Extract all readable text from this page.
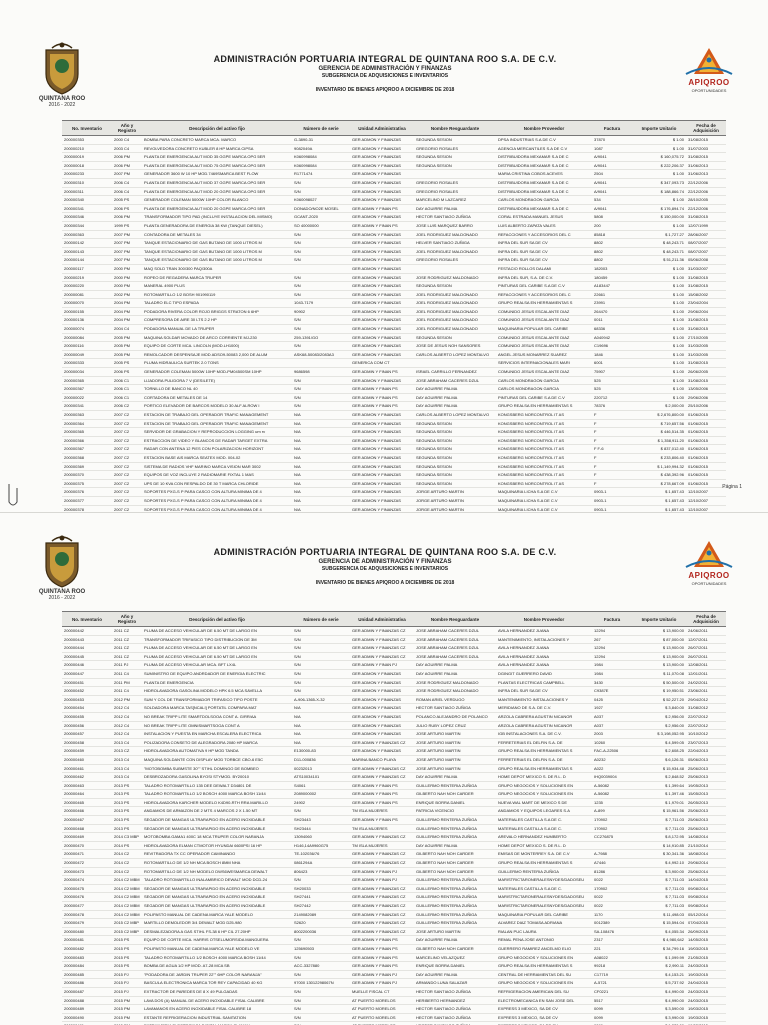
QUINTANA ROO
2016 - 2022
ADMINISTRACIÓN PORTUARIA INTEGRAL DE QUINTANA ROO S.A. DE C.V.
GERENCIA DE ADMINISTRACIÓN Y FINANZAS
SUBGERENCIA DE ADQUISICIONES E INVENTARIOS
INVENTARIO DE BIENES APIQROO A DICIEMBRE DE 2018
APIQROO
OPORTUNIDADES
No. Inventario	Año y Registro	Descripción del activo fijo	Número de serie	Unidad Administrativa	Nombre Resguardante	Nombre Proveedor	Factura	Importe Unitario	Fecha de Adquisición
200000353	2000 C4	BOMBA PARA CONCRETO MARCA MCA. MARCO	G-3890-31	GER ADMON Y FINANZAS	SEGUNDA SESION	DPSA INDUSTRIAS S.A DE C.V	37870	$ 1.00	31/08/2015
200000210	2003 C4	REVOLVEDORA CONCRETO KUBLER 8 HP MARCA CIPSA	9082049A	GER ADMON Y FINANZAS	GREGORIO ROSALES	AGENCIA MERCANTILES S.A DE C.V	1087	$ 1.00	31/07/2003
200000019	2006 PM	PLANTA DE EMERGENCIA AUT MOD 35 GGPE MARCA OPG 5ER	K060998084	GER ADMON Y FINANZAS	SEGUNDA SESION	DISTRIBUIDORA MEXAMAR S.A DE C	A/9041	$ 160,075.72	31/08/2015
200000018	2006 PM	PLANTA DE EMERGENCIA AUT MOD 75 GGPE MARCA OPG 5ER	K060998084	GER ADMON Y FINANZAS	SEGUNDA SESION	DISTRIBUIDORA MEXAMAR S.A DE C	A/9041	$ 222,206.37	31/06/2013
200000233	2007 PM	GENERADOR 3600 W 10 HP MOD.7469SMARCA BEST FLOW	R1771474	GER ADMON Y FINANZAS		MARIA CRISTINA COBOS ACEVES	2504	$ 1.00	31/06/2013
200000310	2006 C4	PLANTA DE EMERGENCIA AUT MOD 37 GGPE MARCA OPG 5ER	S/N	GER ADMON Y FINANZAS	GREGORIO ROSALES	DISTRIBUIDORA MEXAMAR S.A DE C	A/9041	$ 347,093.73	22/12/2006
200000311	2006 C4	PLANTA DE EMERGENCIA AUT MOD 20 GGPE MARCA OPG 5ER	S/N	GER ADMON Y FINANZAS	GREGORIO ROSALES	DISTRIBUIDORA MEXAMAR S.A DE C	A/9041	$ 188,866.74	22/12/2006
200000340	2005 PS	GENERADOR COLEMAN 5000W 10HP COLOR BLANCO	K060098027	GER ADMON Y FINANZAS	MARCELINO M LAZCAREZ	CARLOS MONDRAGON GARCIA	534	$ 1.00	28/10/2005
200000341	2006 PS	PLANTA DE EMERGENCIA AUT MOD 20 GGPE MARCA OPG 5ER	DONADO/NO2E MOSEL	GER ADMIN Y FINAN PS	DAY AGUIRRE PALMA	DISTRIBUIDORA MEXAMAR S.A DE C	A/9041	$ 176,894.74	22/12/2006
200000346	2006 PM	TRANSFORMADOR TIPO PAD (INCLUYE INSTALACION DEL MISMO)	GCANT-2020	GER ADMON Y FINANZAS	HECTOR SANTIAGO ZUÑIGA	CORAL ESTRADA MANUEL JESUS	5808	$ 150,000.00	31/08/2015
200000344	1999 PS	PLANTA GENERADORA DE ENERGIA 38 KW (TANQUE DIESEL)	SO 40000000	GER ADMIN Y FINAN PS	JOSE LUIS MARQUEZ BARRO	LUIS ALBERTO ZAPATA VALES	200	$ 1.00	12/07/1999
200000363	2007 PM	CONTADORA DE METALES 34	S/N	GER ADMON Y FINANZAS	JOEL RODRIGUEZ MALDONADO	REFACCIONES Y ACCESORIOS DEL C	85818	$ 1,727.27	28/06/2007
200000142	2007 PM	TANQUE ESTACIONARIO DE GAS BUTANO DE 1000 LITROS M	S/N	GER ADMON Y FINANZAS	HELVER SANTIAGO ZUÑIGA	INFRA DEL SUR SA DE CV	8802	$ 48,243.71	08/07/2007
200000143	2007 PM	TANQUE ESTACIONARIO DE GAS BUTANO DE 1000 LITROS M	S/N	GER ADMON Y FINANZAS	JOEL RODRIGUEZ MALDONADO	INFRA DEL SUR SA DE CV	8802	$ 48,243.71	08/07/2007
200000144	2007 PM	TANQUE ESTACIONARIO DE GAS BUTANO DE 1000 LITROS M	S/N	GER ADMON Y FINANZAS	GREGORIO ROSALES	INFRA DEL SUR SA DE CV	8802	$ 51,211.36	05/06/2008
200000117	2000 PM	MAQ SOLD TRAN 300/300 PAQ/300A		GER ADMON Y FINANZAS		FESTACIO ROLLOS DALAMI	182003	$ 1.00	31/03/2007
200000219	2000 PM	ROPEO DE REGADERA MARCA TRUPER	S/N	GER ADMON Y FINANZAS	JOSE RODRIGUEZ MALDONADO	INFRA DEL SUR, S.A. DE C.V.	180459	$ 1.00	31/08/2015
200000220	2000 PM	MANERAL 4900 PLUS	S/N	GER ADMON Y FINANZAS	SEGUNDA SESION	PINTURAS DEL CARIBE S.A DE C.V	A183447	$ 1.00	31/08/2015
200000081	2002 PM	ROTOMARTILLO 1/2 BOSH 901990119	S/N	GER ADMON Y FINANZAS	JOEL RODRIGUEZ MALDONADO	REFACCIONES Y ACCESORIOS DEL C	22661	$ 1.00	15/08/2002
200000070	2004 PM	TALADRO ELC TIPO ESPADA	1043-7179	GER ADMON Y FINANZAS	JOEL RODRIGUEZ MALDONADO	GRUPO REALSA EN HERRAMIENTAS S	23991	$ 1.00	23/04/2004
200000155	2004 PM	PODADORA RIVERA COLOR ROJO BRIGGS STRATON 6 6HP	90902	GER ADMON Y FINANZAS	JOEL RODRIGUEZ MALDONADO	COMUNIDO JESUS ESCALANTE DIAZ	264470	$ 1.00	29/06/2004
200000136	2004 PM	COMPRESORA DE AIRE 30 LTS 2.2 HP	S/N	GER ADMON Y FINANZAS	JOEL RODRIGUEZ MALDONADO	COMUNIDO JESUS ESCALANTE DIAZ	0011	$ 1.00	31/08/2015
200000074	2004 C4	PODADORA MANUAL DE LA TRUPER	S/N	GER ADMON Y FINANZAS	JOEL RODRIGUEZ MALDONADO	MAQUINARIA POPULAR DEL CARIBE	68336	$ 1.00	31/08/2015
200000084	2005 PM	MAQUINA SOLDAR MOVADO DE ARCO CORRIENTE MJ-230	259-1391/GO	GER ADMON Y FINANZAS	SEGUNDA SESION	COMUNIDO JESUS ESCALANTE DIAZ	A040942	$ 1.00	27/10/2005
200000116	2005 PM	EQUIPO DE CORTE MCA. LINCOLN (MOD.LH1000)	S/N	GER ADMON Y FINANZAS	JOSE DE JESUS NOH SANSORES	COMUNIDO JESUS ESCALANTE DIAZ	C19696	$ 1.00	31/03/2005
200000049	2005 PM	REMOLCADOR DESPENSAJE MOD ADSO9-50083 2,000 DE ALUM	ASK68-50083/2083A3	GER ADMON Y FINANZAS	CARLOS ALBERTO LOPEZ MONTALVO	ANGEL JESUS MONARREZ SUAREZ	1846	$ 1.00	31/03/2005
200000333	2005 PS	PLUMA HIDRAULICA SURTEK 2.0 TONS		GENERICA COM CT		SERVICIOS INTERNACIONALES MARI	6001	$ 1.00	31/08/2015
200000034	2006 PS	GENERADOR COLEMAN 5000W 10HP MOD-PM04500SM 10HP	9686598	GER ADMIN Y FINAN PS	ISRAEL CARRILLO FERNANDEZ	COMUNIDO JESUS ESCALANTE DIAZ	75907	$ 1.00	26/06/2005
200000365	2006 C1	LIJADORA PULIDORA 7 V (DESILETE)	S/N	GER ADMON Y FINANZAS	JOSE ABRAHAM CACERES DZUL	CARLOS MONDRAGON GARCIA	525	$ 1.00	31/08/2015
200000367	2006 C1	TORNILLO DE BANCO NL 40	S/N	GER ADMIN Y FINAN PS	DAY AGUIRRE PALMA	CARLOS MONDRAGON GARCIA	525	$ 1.00	13/05/2006
200000022	2006 C1	CORTADORA DE METALES DE 14	S/N	GER ADMIN Y FINAN PS	DAY AGUIRRE PALMA	PINTURAS DEL CARIBE S.A DE C.V	220712	$ 1.00	29/06/2006
200000341	2006 C2	PORTICO ELEVADOR DE BARCOS MODELO 30 ALF ALROW I	S/N	GER ADMIN Y FINAN PS	DAY AGUIRRE PALMA	GRUPO REALSA EN HERRAMIENTAS S	78376	$ 2,000.00	25/10/2006
200000363	2007 C2	ESTACION DE TRABAJO DEL OPERADOR TRAFIC MANAGEMENT	N/A	GER ADMON Y FINANZAS	CARLOS ALBERTO LOPEZ MONTALVO	KONGSBERG NORCONTROL IT AS	F	$ 2,676,800.00	01/06/2015
200000364	2007 C2	ESTACION DE TRABAJO DEL OPERADOR TRAFIC MANAGEMENT	N/A	GER ADMON Y FINANZAS	SEGUNDA SESION	KONGSBERG NORCONTROL IT AS	F	$ 719,657.56	01/06/2015
200000365	2007 C2	SERVIDOR DE GRABACION Y REPRODUCCION LOGGING um rv	N/A	GER ADMON Y FINANZAS	SEGUNDA SESION	KONGSBERG NORCONTROL IT AS	F	$ 446,514.35	01/06/2015
200000366	2007 C2	ESTRACCION DE VIDEO Y BLANCOS DE RADAR TARGET EXTRA	N/A	GER ADMON Y FINANZAS	SEGUNDA SESION	KONGSBERG NORCONTROL IT AS	F	$ 1,358,911.20	01/06/2015
200000367	2007 C2	RADAR CON ANTENA 12 PIES CON POLARIZACION HORIZONT	N/A	GER ADMON Y FINANZAS	SEGUNDA SESION	KONGSBERG NORCONTROL IT AS	F F-6	$ 837,012.40	01/06/2015
200000368	2007 C2	ESTACION BASE AIS MARCA SEATEX MOD. 004-02	N/A	GER ADMON Y FINANZAS	SEGUNDA SESION	KONGSBERG NORCONTROL IT AS	F	$ 233,806.40	01/06/2015
200000369	2007 C2	SISTEMA DE RADIOS VHF MARINO MARCA VISION MAR 3002	N/A	GER ADMON Y FINANZAS	SEGUNDA SESION	KONGSBERG NORCONTROL IT AS	F	$ 1,149,994.32	01/06/2015
200000370	2007 C2	EQUIPOS DE VOZ INCLUYE 2 RADIOMARIE FIXTAL 1 MAS	N/A	GER ADMON Y FINANZAS	SEGUNDA SESION	KONGSBERG NORCONTROL IT AS	F	$ 438,392.96	01/06/2015
200000375	2007 C2	UPS DE 10 KVA CON RESPALDO DE 30 T MARCA CHLORIDE	N/A	GER ADMON Y FINANZAS	SEGUNDA SESION	KONGSBERG NORCONTROL IT AS	F	$ 278,667.09	01/06/2015
200000376	2007 C2	SOPORTES PXG-S P PARA CASCO CON ALTURA MINIMA DE 4	N/A	GER ADMON Y FINANZAS	JORGE ARTURO MARTIN	MAQUINARIA LICHA S.A DE C.V	0903-1	$ 1,657.43	12/10/2007
200000377	2007 C2	SOPORTES PXG-S P PARA CASCO CON ALTURA MINIMA DE 4	N/A	GER ADMON Y FINANZAS	JORGE ARTURO MARTIN	MAQUINARIA LICHA S.A DE C.V	0903-1	$ 1,657.43	12/10/2007
200000378	2007 C2	SOPORTES PXG-S P PARA CASCO CON ALTURA MINIMA DE 4	N/A	GER ADMON Y FINANZAS	JORGE ARTURO MARTIN	MAQUINARIA LICHA S.A DE C.V	0903-1	$ 1,657.43	12/10/2007

Página 1
QUINTANA ROO
2016 - 2022
ADMINISTRACIÓN PORTUARIA INTEGRAL DE QUINTANA ROO S.A. DE C.V.
GERENCIA DE ADMINISTRACIÓN Y FINANZAS
SUBGERENCIA DE ADQUISICIONES E INVENTARIOS
INVENTARIO DE BIENES APIQROO A DICIEMBRE DE 2018
APIQROO
OPORTUNIDADES
No. Inventario	Año y Registro	Descripción del activo fijo	Número de serie	Unidad Administrativa	Nombre Resguardante	Nombre Proveedor	Factura	Importe Unitario	Fecha de Adquisición
200000442	2011 CZ	PLUMA DE ACCESO VEHICULAR DE 6.50 MT DE LARGO EN	S/N	GER ADMIN Y FINANZAS CZ	JOSE ABRAHAM CACERES DZUL	AVILA HERNANDEZ JUANA	12294	$ 13,900.00	24/06/2011
200000443	2011 CZ	TRANSFORMADOR TRIFASICO TIPO DISTRIBUCION DE 3M	S/N	GER ADMIN Y FINANZAS CZ	JOSE ABRAHAM CACERES DZUL	MANTENIMIENTO, INSTALACIONES Y	267	$ 87,000.00	12/07/2011
200000444	2011 CZ	PLUMA DE ACCESO VEHICULAR DE 6.50 MT DE LARGO EN	S/N	GER ADMIN Y FINANZAS CZ	JOSE ABRAHAM CACERES DZUL	AVILA HERNANDEZ JUANA	12294	$ 13,900.00	26/07/2011
200000445	2011 CZ	PLUMA DE ACCESO VEHICULAR DE 6.50 MT DE LARGO EN	S/N	GER ADMIN Y FINANZAS CZ	JOSE ABRAHAM CACERES DZUL	AVILA HERNANDEZ JUANA	12294	$ 13,900.00	26/07/2011
200000446	2011 PJ	PLUMA DE ACCESO VEHICULAR MCA. BFT LX4L	S/N	GER ADMIN Y FINAN PJ	DAY AGUIRRE PALMA	AVILA HERNANDEZ JUANA	1984	$ 13,900.00	12/08/2011
200000447	2011 C4	SUMINISTRO DE EQUIPO ANDRDADOR DE ENERGIA ELECTRIC	S/N	GER ADMON Y FINANZAS	DAY AGUIRRE PALMA	DGINGIT GUERRERO DAVID	1984	$ 11,070.08	12/01/2011
200000451	2011 PM	PLANTA DE EMERGENCIA	S/N	GER ADMON Y FINANZAS	JOSE RODRIGUEZ MALDONADO	PLANTAS ELECTRICAS CAMPBELL	3430	$ 50,500.00	24/02/2011
200000452	2011 C4	HIDROLAVADORA GASOLINA MODELO HPK 6.5 MCA SAVELLA	S/N	GER ADMON Y FINANZAS	JOSE RODRIGUEZ MALDONADO	INFRA DEL SUR SA DE CV	C9387E	$ 19,950.51	23/06/2011
200000453	2012 PM	SUM Y COL DE TRANSFORMADOR TRIFASICO TIPO POSTE	A-906-1365-X-32	GER ADMON Y FINANZAS	ROMAN ARIEL VERDUGO	MANTENIMIENTO INSTALACIONES Y	0425	$ 52,227.20	29/04/2012
200000454	2012 C4	SOLDADORA MARCA TAS[NCALI] PORTATIL COMPARA MAT	N/A	GER ADMON Y FINANZAS	HECTOR SANTIAGO ZUÑIGA	MERIDIANO DE S.A. DE C.V.	1927	$ 3,840.00	31/08/2012
200000455	2012 C4	NO BREAK TRIPP LITE SMARTDOLSOOA CONT A. G/RR/AA	N/A	GER ADMON Y FINANZAS	POLANCO ALEJANDRO DE POLANCO	ARZOLA CABRERA AGUSTIN NICANOR	A037	$ 2,956.00	22/07/2012
200000456	2012 C4	NO BREAK TRIPP LITE OMNISMARTSOOA CONT A	N/A	GER ADMON Y FINANZAS	JULIO RUBY LOPEZ CRUZ	ARZOLA CABRERA AGUSTIN NICANOR	A037	$ 2,956.00	22/07/2012
200000457	2012 C4	INSTALACION Y PUESTA EN MARCHA ESCALERA ELECTRICA	N/A	GER ADMON Y FINANZAS	JOSE ARTURO MARTIN	IGB INSTALACIONES S.A. DE C.V.	2003	$ 3,198,052.95	10/10/2012
200000458	2013 C4	POLIZADORA CONSETO DE ALEGRADORA 2080 HP MARCA	N/A	GER ADMIN Y FINANZAS CZ	JOSE ARTURO MARTIN	FERRETERIAS EL DELFIN S.A. DE	10260	$ 4,599.05	23/07/2013
200000459	2013 CZ	HIDROLAVADORA AUTOMATIVA 9 HP MOD TANDA	E130000-83	GER ADMON Y FINANZAS	JOSE ARTURO MARTIN	GRUPO REALSA EN HERRAMIENTAS S	FAC-A-22506	$ 2,608.25	22/04/2013
200000460	2013 C4	MAQUINA SOLDANTE CON DISPLAY MOD TORBCE CBO-6 E5C	D11-000836	MARINA BANCO PLAYA	JOSE ARTURO MARTIN	FERRETERIAS EL DELFIN S.A. DE	A0232	$ 6,126.31	05/06/2013
200000461	2013 C4	"MOTOBOMBA SUBMSTE 30"" STIHL DOMINGO DE BOMBEO	00232013	GER ADMIN Y FINANZAS CZ	JOSE ARTURO MARTIN	GRUPO REALSA EN HERRAMIENTAS S	A022	$ 15,934.48	25/06/2013
200000462	2013 C4	DESBROZADORA GASOLINA BYOSI STYMOD. BY20010	ATS10034101	GER ADMIN Y FINANZAS CZ	DAY AGUIRRE PALMA	HOME DEPOT MEXICO S. DE R.L. D	IHQ0039004	$ 2,848.52	25/06/2013
200000463	2013 PS	TALADRO ROTOMARTILLO 135 DEE DEWALT D34801 DE	S4061	GER ADMIN Y FINAN PS	GUILLERMO RENTERIA ZUÑIGA	GRUPO NEGOCIOS Y SOLUCIONES EN	A-56082	$ 1,399.64	19/05/2013
200000464	2013 PS	TALADRO ROTOMARTILLO 1/2 BOSCH 4000 MARCA BOSH 11/44	2089000002	GER ADMIN Y FINAN PS	GILBERTO NAH NOH CARDER	GRUPO NEGOCIOS Y SOLUCIONES EN	A-56082	$ 1,397.46	15/05/2013
200000465	2013 PS	HIDROLAVADORA KARCHER MODELO K4D90-RTH RRA MARILLO	24902	GER ADMIN Y FINAN PS	ENRIQUE BORRA DANIEL	NUEVA WAL MART DE MEXICO S DE	1235	$ 1,979.01	26/05/2013
200000466	2013 PS	ANDAMIOS DE ARMAZON DE 2 MTS 4 MARCOS 2 X 1.50 MT	S/N	TM ISLA MUJERES	PATRICIA VICENCIO	ANDAMIOS Y EQUIPOS LEGARES S.A	A-899	$ 15,961.56	25/06/2013
200000467	2013 PS	SEGADOR DE MANGAS ULTRARAPIDO EN ACERO INOXIDABLE	SH23443	GER ADMIN Y FINAN PS	GUILLERMO RENTERIA ZUÑIGA	MATERIALES CASTILLA S.A DE C.	170902	$ 7,711.03	25/06/2013
200000468	2013 PS	SEGADOR DE MANGAS ULTRARAPIDO EN ACERO INOXIDABLE	SH23444	TM ISLA MUJERES	GUILLERMO RENTERIA ZUÑIGA	MATERIALES CASTILLA S.A DE C.	170902	$ 7,711.03	25/06/2013
200000469	2014 C3 MBP	MOTOBOMBA GAMA1 400C 18 MCA TRUPER COLOR NARANJA	13094060	GER ADMIN Y FINANZAS CZ	GUILLERMO RENTERIA ZUÑIGA	AREVALO HERNANDEZ HUMBERTO	CC276875	$ 8,172.95	14/08/2014
200000470	2014 PS	HIDROLAVADORA ELMAN CTMOTOR HYUNDAI 6600PSI 16 HP	H146,14A9960G75	TM ISLA MUJERES	DAY AGUIRRE PALMA	HOME DEPOT MEXICO S. DE R.L. D		$ 14,910.85	21/10/2014
200000471	2014 C2	REVITRADORA TX CC OPERADOR CAMINANDO	TE-102036/76	GER ADMIN Y FINANZAS CZ	GILBERTO NAH NOH CARDER	EMISAS DE MONTERREY S.A. DE C.V	A-7988	$ 30,341.36	18/08/2014
200000472	2014 C2	ROTOMARTILLO DE 1/2 NH MCA BOSCH 8MM NHA	0861294A	GER ADMIN Y FINANZAS CZ	GILBERTO NAH NOH CARDER	GRUPO REALSA EN HERRAMIENTAS S	A7446	$ 4,992.10	29/06/2014
200000473	2014 C2	ROTOMARTILLO DE 1/2 NH MODELO DWS6WESMARCA DEWALT	806423	GER ADMIN Y FINAN PJ	GILBERTO NAH NOH CARDER	GUILLERMO RENTERIA ZUÑIGA	81286	$ 3,900.00	25/06/2014
200000474	2014 C2 MBM	TALADRO ROTOMARTILLO INALAMBRICO DEWALT MOD DCD-24	S/N	GER ADMIN Y FINAN PJ	GUILLERMO RENTERIA ZUÑIGA	MARISTRICTARONERALESNYDES/DADOSEU	0022	$ 7,711.03	14/04/2015
200000475	2014 C2 MBM	SEGADOR DE MANGAS ULTRARAPIDO EN ACERO INOXIDABLE	SH20033	GER ADMIN Y FINANZAS CZ	GUILLERMO RENTERIA ZUÑIGA	MATERIALES CASTILLA S.A DE C.	170902	$ 7,711.03	09/08/2014
200000476	2014 C2 MBM	SEGADOR DE MANGAS ULTRARAPIDO EN ACERO INOXIDABLE	SH27441	GER ADMIN Y FINANZAS CZ	GUILLERMO RENTERIA ZUÑIGA	MARISTRICTARONERALESNYDES/DADOSEU	0022	$ 7,711.03	09/08/2014
200000477	2014 C2 MBM	SEGADOR DE MANGAS ULTRARAPIDO EN ACERO INOXIDABLE	SH27442	GER ADMIN Y FINANZAS CZ	GUILLERMO RENTERIA ZUÑIGA	MARISTRICTARONERALESNYDES/DADOSEU	0022	$ 7,711.03	09/08/2014
200000478	2014 C2 MBM	POLIPASTO MANUAL DE CADENA MARCA YALE MODELO	2149082089	GER ADMIN Y FINANZAS CZ	GUILLERMO RENTERIA ZUÑIGA	MAQUINARIA POPULAR DEL CARIBE	1170	$ 11,498.03	05/12/2014
200000479	2015 C2 MBP	MARTILLO DEMOLEDOR 3/4 DEWALT MOD D25-980	S2620	GER ADMIN Y FINANZAS CZ	GUILLERMO RENTERIA ZUÑIGA	ALVAREZ DIAZ TOMASA ADRIANA	0012389	$ 15,594.04	07/04/2015
200000480	2015 C2 MBP	DESMALEZADORA A GAS STIHL FS-38 6 HP CIL 27.20HP	8002200036	GER ADMIN Y FINANZAS CZ	JOSE ARTURO MARTIN	RIALAN PUC LAURA	SA-108476	$ 4,055.34	26/09/2015
200000481	2015 PS	EQUIPO DE CORTE MCA. HARRIS OTSELUMORSIDA MANGUERA	S/N	GER ADMIN Y FINAN PS	DAY AGUIRRE PALMA	REMAL PENA JOSE ANTONIO	2317	$ 4,980,642	14/05/2015
200000482	2015 PS	POLIPASTO MANUAL DE CADENA MARCA YALE MODELO VE	125690503	GER ADMIN Y FINAN PS	GILBERTO NAH NOH CARDER	GUERRERO RAMIREZ ANCELMO ELIO	221	$ 34,799.16	19/03/2015
200000483	2015 PS	TALADRO ROTOMARTILLO 1/2 BOSCH 4000 MARCA BOSH 11/44	S/N	GER ADMIN Y FINAN PS	MARCELINO VELAZQUEZ	GRUPO NEGOCIOS Y SOLUCIONES EN	A08022	$ 1,099.99	21/05/2015
200000484	2015 PS	BOMBA DE AGUA 1/2 HP MOD. A7-28 MCA SB	ACC-3327880	GER ADMIN Y FINAN PS	ENRIQUE BORRA DANIEL	GRUPO REALSA EN HERRAMIENTAS S	99218	$ 2,990.11	24/03/2015
200000485	2015 PJ	"PODADORA DE JARDIN TRUPER 22"" 6HP COLOR NARANJA"	S/N	GER ADMIN Y FINAN PJ	DAY AGUIRRE PALMA	CENTRAL DE HERRAMIENTAS DEL SU	C17719	$ 4,153.21	19/03/2015
200000486	2015 PJ	BASCULA ELECTRONICA MARCA TOR REY CAPACIDAD 40 KG	97000 13012298067N	GER ADMIN Y FINAN PJ	ARMANDO LUNA SALAZAR	GRUPO NEGOCIOS Y SOLUCIONES EN	A-5721	$ 5,737.92	24/04/2015
200000487	2015 PJ	EXTRACTOR DE PAREDES DE 8 X 49 PULGADAS	S/N	MUELLE FISCAL CT	HECTOR SANTIAGO ZUÑIGA	REFRIGERACION AMERICAN DEL SU	CF0221	$ 4,990.00	24/03/2015
200000488	2015 PM	LAVA DOS (A) MANUAL DE ACERO INOXIDABLE FISAL CALIBRE	S/N	AT PUERTO MORELOS	HERIBERTO HERNANDEZ	ELECTROMECANICA EN SAN JOSE DEL	5517	$ 4,990.00	24/03/2015
200000489	2015 PM	LAVAMANOS EN ACERO INOXIDABLE FISAL CALIBRE 18	S/N	AT PUERTO MORELOS	HECTOR SANTIAGO ZUÑIGA	EXPRESS 3 MEXICO, SA DE CV	0099	$ 3,590.00	19/03/2015
200000490	2015 PM	ESTANTE REFRIGERACION INDUSTRIAL SANITATION	S/N	AT PUERTO MORELOS	HECTOR SANTIAGO ZUÑIGA	EXPRESS 3 MEXICO, SA DE CV	0099	$ 3,990.00	19/03/2015
